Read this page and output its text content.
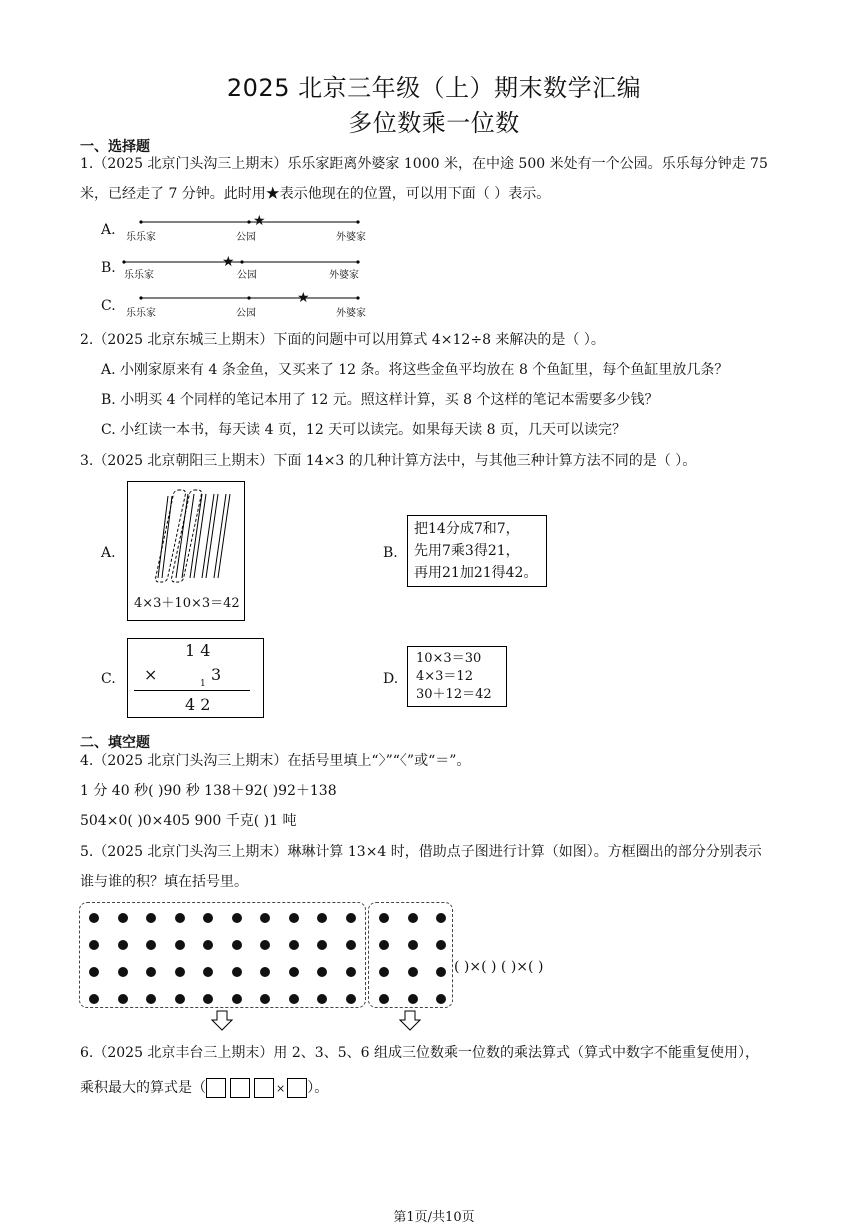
2025 北京三年级（上）期末数学汇编
多位数乘一位数
一、选择题
1.（2025 北京门头沟三上期末）乐乐家距离外婆家 1000 米，在中途 500 米处有一个公园。乐乐每分钟走 75
米，已经走了 7 分钟。此时用★表示他现在的位置，可以用下面（ ）表示。
A. 乐乐家	公园	外婆家
★
B.	★
乐乐家	公园	外婆家
C.	★
乐乐家	公园	外婆家
2.（2025 北京东城三上期末）下面的问题中可以用算式 4×12÷8 来解决的是（ ）。
A. 小刚家原来有 4 条金鱼，又买来了 12 条。将这些金鱼平均放在 8 个鱼缸里，每个鱼缸里放几条？
B. 小明买 4 个同样的笔记本用了 12 元。照这样计算，买 8 个这样的笔记本需要多少钱？
C. 小红读一本书，每天读 4 页，12 天可以读完。如果每天读 8 页，几天可以读完？
3.（2025 北京朝阳三上期末）下面 14×3 的几种计算方法中，与其他三种计算方法不同的是（ ）。
A.
4×3＋10×3＝42
B.
把14分成7和7，
先用7乘3得21，
再用21加21得42。
C.
1 4
×	3
1
4 2
D.
10×3＝30
4×3＝12
30＋12＝42
二、填空题
4.（2025 北京门头沟三上期末）在括号里填上“〉”“〈”或“＝”。
1 分 40 秒( )90 秒 138＋92( )92＋138
504×0( )0×405 900 千克( )1 吨
5.（2025 北京门头沟三上期末）琳琳计算 13×4 时，借助点子图进行计算（如图）。方框圈出的部分分别表示
谁与谁的积？填在括号里。
( )×( ) ( )×( )
6.（2025 北京丰台三上期末）用 2、3、5、6 组成三位数乘一位数的乘法算式（算式中数字不能重复使用），
乘积最大的算式是（	× ）。
第1页/共10页
